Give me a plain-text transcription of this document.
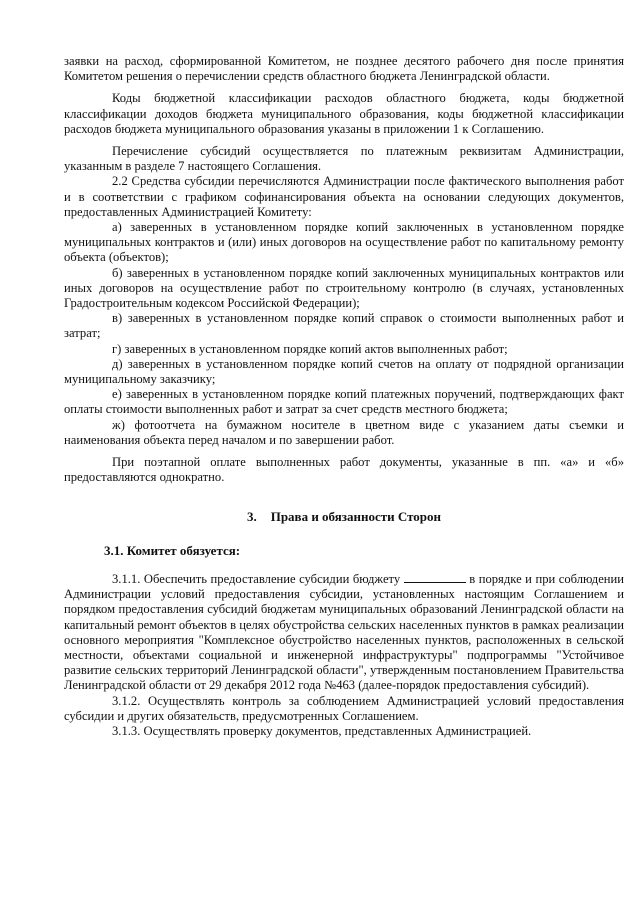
заявки на расход, сформированной Комитетом, не позднее десятого рабочего дня после принятия Комитетом решения о перечислении средств областного бюджета Ленинградской области.

Коды бюджетной классификации расходов областного бюджета, коды бюджетной классификации доходов бюджета муниципального образования, коды бюджетной классификации расходов бюджета муниципального образования указаны в приложении 1 к Соглашению.

Перечисление субсидий осуществляется по платежным реквизитам Администрации, указанным в разделе 7 настоящего Соглашения.

2.2 Средства субсидии перечисляются Администрации после фактического выполнения работ и в соответствии с графиком софинансирования объекта на основании следующих документов, предоставленных Администрацией Комитету:

а) заверенных в установленном порядке копий заключенных в установленном порядке муниципальных контрактов и (или) иных договоров на осуществление работ по капитальному ремонту объекта (объектов);

б) заверенных в установленном порядке копий заключенных муниципальных контрактов или иных договоров на осуществление работ по строительному контролю (в случаях, установленных Градостроительным кодексом Российской Федерации);

в) заверенных в установленном порядке копий справок о стоимости выполненных работ и затрат;

г) заверенных в установленном порядке копий актов выполненных работ;

д) заверенных в установленном порядке копий счетов на оплату от подрядной организации муниципальному заказчику;

е) заверенных в установленном порядке копий платежных поручений, подтверждающих факт оплаты стоимости выполненных работ и затрат за счет средств местного бюджета;

ж) фотоотчета на бумажном носителе в цветном виде с указанием даты съемки и наименования объекта перед началом и по завершении работ.

При поэтапной оплате выполненных работ документы, указанные в пп. «а» и «б» предоставляются однократно.

3. Права и обязанности Сторон

3.1. Комитет обязуется:

3.1.1. Обеспечить предоставление субсидии бюджету	в порядке и при соблюдении Администрации условий предоставления субсидии, установленных настоящим Соглашением и порядком предоставления субсидий бюджетам муниципальных образований Ленинградской области на капитальный ремонт объектов в целях обустройства сельских населенных пунктов в рамках реализации основного мероприятия "Комплексное обустройство населенных пунктов, расположенных в сельской местности, объектами социальной и инженерной инфраструктуры" подпрограммы "Устойчивое развитие сельских территорий Ленинградской области", утвержденным постановлением Правительства Ленинградской области от 29 декабря 2012 года №463 (далее-порядок предоставления субсидий).

3.1.2. Осуществлять контроль за соблюдением Администрацией условий предоставления субсидии и других обязательств, предусмотренных Соглашением.

3.1.3. Осуществлять проверку документов, представленных Администрацией.
